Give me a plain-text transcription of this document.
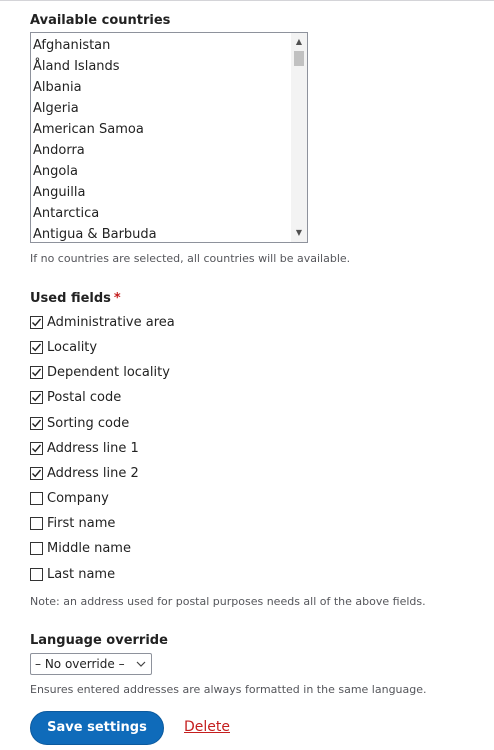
Available countries
Afghanistan
Åland Islands
Albania
Algeria
American Samoa
Andorra
Angola
Anguilla
Antarctica
Antigua & Barbuda
▲
▼
If no countries are selected, all countries will be available.
Used fields *
Administrative area
Locality
Dependent locality
Postal code
Sorting code
Address line 1
Address line 2
Company
First name
Middle name
Last name
Note: an address used for postal purposes needs all of the above fields.
Language override
– No override –
Ensures entered addresses are always formatted in the same language.
Save settings	Delete
